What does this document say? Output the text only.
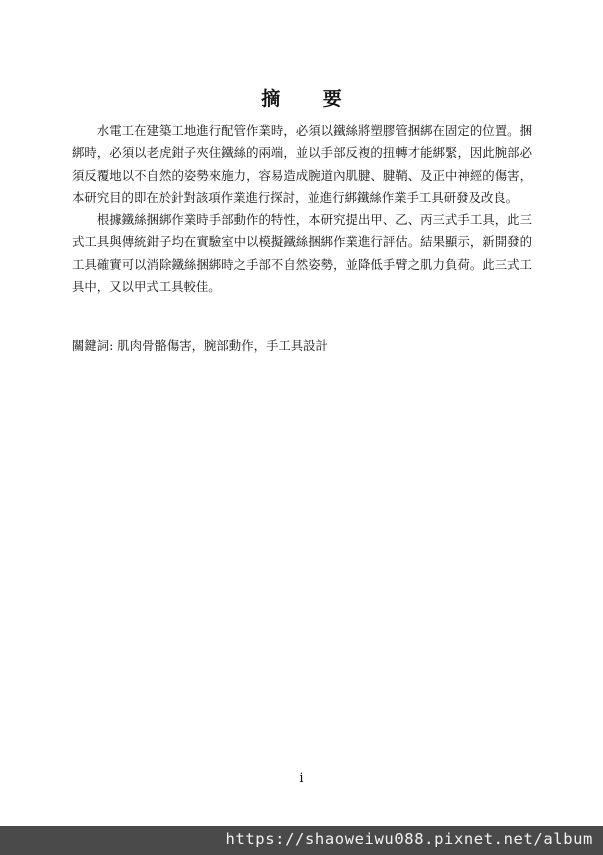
摘 要

水電工在建築工地進行配管作業時，必須以鐵絲將塑膠管捆綁在固定的位置。捆綁時，必須以老虎鉗子夾住鐵絲的兩端，並以手部反複的扭轉才能綁緊，因此腕部必須反覆地以不自然的姿勢來施力，容易造成腕道內肌腱、腱鞘、及正中神經的傷害，本研究目的即在於針對該項作業進行探討，並進行綁鐵絲作業手工具研發及改良。

根據鐵絲捆綁作業時手部動作的特性，本研究提出甲、乙、丙三式手工具，此三式工具與傳統鉗子均在實驗室中以模擬鐵絲捆綁作業進行評估。結果顯示，新開發的工具確實可以消除鐵絲捆綁時之手部不自然姿勢，並降低手臂之肌力負荷。此三式工具中，又以甲式工具較佳。

關鍵詞: 肌肉骨骼傷害，腕部動作，手工具設計
i
https://shaoweiwu088.pixnet.net/album
